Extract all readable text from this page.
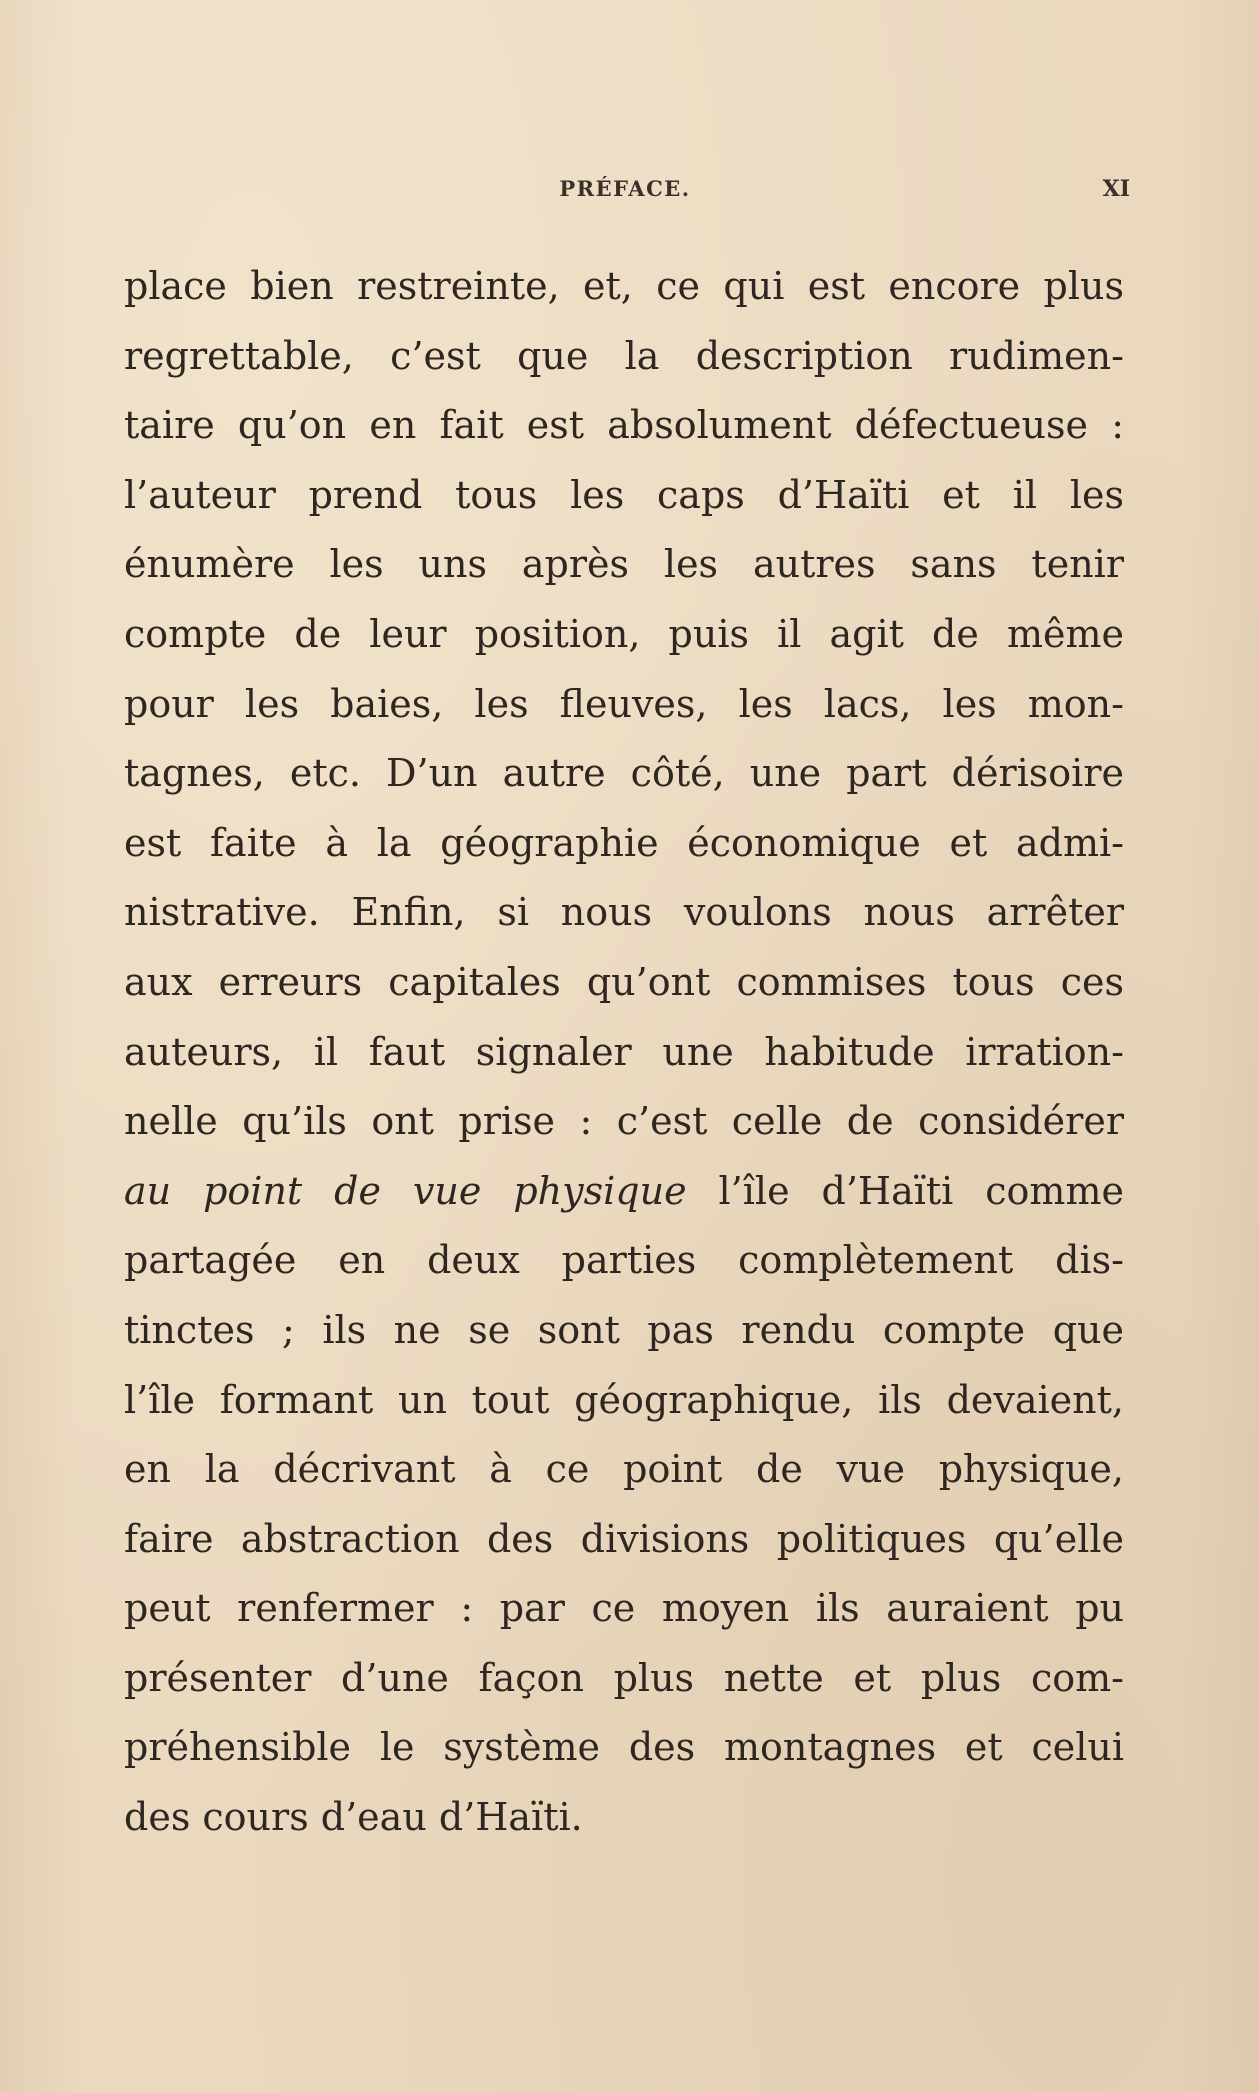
PRÉFACE.	XI
place bien restreinte, et, ce qui est encore plus
regrettable, c’est que la description rudimen-
taire qu’on en fait est absolument défectueuse :
l’auteur prend tous les caps d’Haïti et il les
énumère les uns après les autres sans tenir
compte de leur position, puis il agit de même
pour les baies, les fleuves, les lacs, les mon-
tagnes, etc. D’un autre côté, une part dérisoire
est faite à la géographie économique et admi-
nistrative. Enfin, si nous voulons nous arrêter
aux erreurs capitales qu’ont commises tous ces
auteurs, il faut signaler une habitude irration-
nelle qu’ils ont prise : c’est celle de considérer
au point de vue physique l’île d’Haïti comme
partagée en deux parties complètement dis-
tinctes ; ils ne se sont pas rendu compte que
l’île formant un tout géographique, ils devaient,
en la décrivant à ce point de vue physique,
faire abstraction des divisions politiques qu’elle
peut renfermer : par ce moyen ils auraient pu
présenter d’une façon plus nette et plus com-
préhensible le système des montagnes et celui
des cours d’eau d’Haïti.
